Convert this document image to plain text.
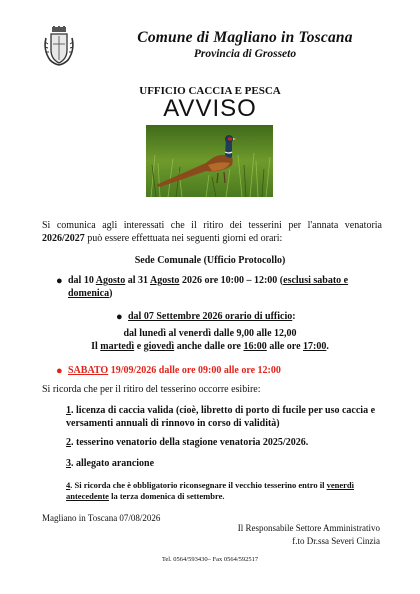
Comune di Magliano in Toscana
Provincia di Grosseto
UFFICIO CACCIA E PESCA
AVVISO
Si comunica agli interessati che il ritiro dei tesserini per l'annata venatoria 2026/2027 può essere effettuata nei seguenti giorni ed orari:
Sede Comunale (Ufficio Protocollo)
● dal 10 Agosto al 31 Agosto 2026 ore 10:00 – 12:00 (esclusi sabato e domenica)
● dal 07 Settembre 2026 orario di ufficio:
dal lunedì al venerdì dalle 9,00 alle 12,00
Il martedì e giovedì anche dalle ore 16:00 alle ore 17:00.
● SABATO 19/09/2026 dalle ore 09:00 alle ore 12:00
Si ricorda che per il ritiro del tesserino occorre esibire:
1. licenza di caccia valida (cioè, libretto di porto di fucile per uso caccia e versamenti annuali di rinnovo in corso di validità)
2. tesserino venatorio della stagione venatoria 2025/2026.
3. allegato arancione
4. Si ricorda che è obbligatorio riconsegnare il vecchio tesserino entro il venerdì antecedente la terza domenica di settembre.
Magliano in Toscana 07/08/2026
Il Responsabile Settore Amministrativo
f.to Dr.ssa Severi Cinzia
Tel. 0564/593430– Fax 0564/592517
